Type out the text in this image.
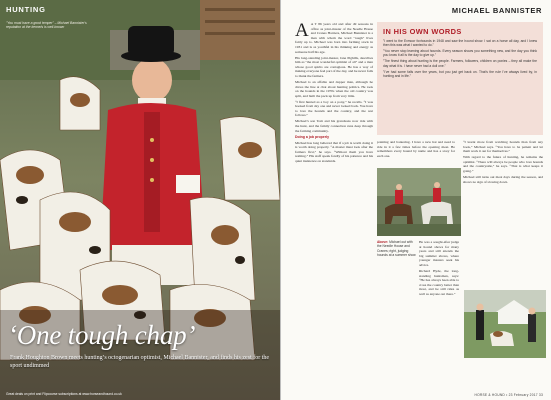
HUNTING
"You must have a good temper" – Michael Bannister's reputation at the kennels is well-known
‘One tough chap’
Frank Houghton Brown meets hunting’s octogenarian optimist, Michael Bannister, and finds his zest for the sport undimmed
Great deals on print and Flipcourse subscriptions at www.horseandhound.co.uk
MICHAEL BANNISTER

A A T 86 years old and after 49 seasons in office as joint-master of the Needle House and Cranes Harriers, Michael Bannister is a man with whom the word "tough" lives fairly up to. Michael was born into farming stock in 1931 and is as youthful in his thinking and energy as someone half his age.

His long-standing joint-master, Jane Pighills, describes him as "the most wonderful optimist of all" and a man whose good spirits are contagious. He has a way of making everyone feel part of the day, and he never fails to thank the farmers.

Michael is an affable and dapper man, although he draws the line at chat about hunting politics. He took on the hounds in the 1970s when the old country was split, and built the pack up from very little.

“I first hunted as a boy on a pony,” he recalls. “I was hooked from day one and never looked back. You have to love the hounds and the country, and the rest follows.”

Michael’s son Tom and his grandsons now ride with the hunt, and the family connection runs deep through the farming community.

Doing a job properly

Michael has long believed that if a job is worth doing it is worth doing properly. “A master must look after the farmers first,” he says. “Without them you have nothing.” His staff speak fondly of his patience and his quiet insistence on standards.

IN HIS OWN WORDS

"I went to the Exmoor foxhounds in 1948 and saw the hound show. I sat on a horse all day, and I knew then this was what I wanted to do."

"You never stop learning about hounds. Every season shows you something new, and the day you think you know it all is the day to give up."

"The finest thing about hunting is the people. Farmers, followers, children on ponies – they all make the day what it is. I have never had a dull one."

"I’ve had some falls over the years, but you just get back on. That’s the rule I’ve always lived by, in hunting and in life."

pointing and bantering. I have a new hat and need to ride in it a few times before the opening meet. He remembers every hound by name and has a story for each one.

Above: Michael out with the Needle House and Cranes; right, judging hounds at a summer show

He was a sought-after judge at hound shows for many years and still attends the big summer shows, where younger masters seek his advice.

Richard Hyde, the long-standing huntsman, says: “He has always been able to cross the country better than most, and he still rides as well as anyone out there.”

“I learnt more from watching hounds than from any book,” Michael says. “You have to be patient and let them work it out for themselves.”

With regard to the future of hunting, he remains the optimist. “There will always be people who love hounds and the countryside,” he says. “That is what keeps it going.”

Michael still turns out most days during the season, and shows no sign of slowing down.

HORSE & HOUND • 23 February 2017 33
